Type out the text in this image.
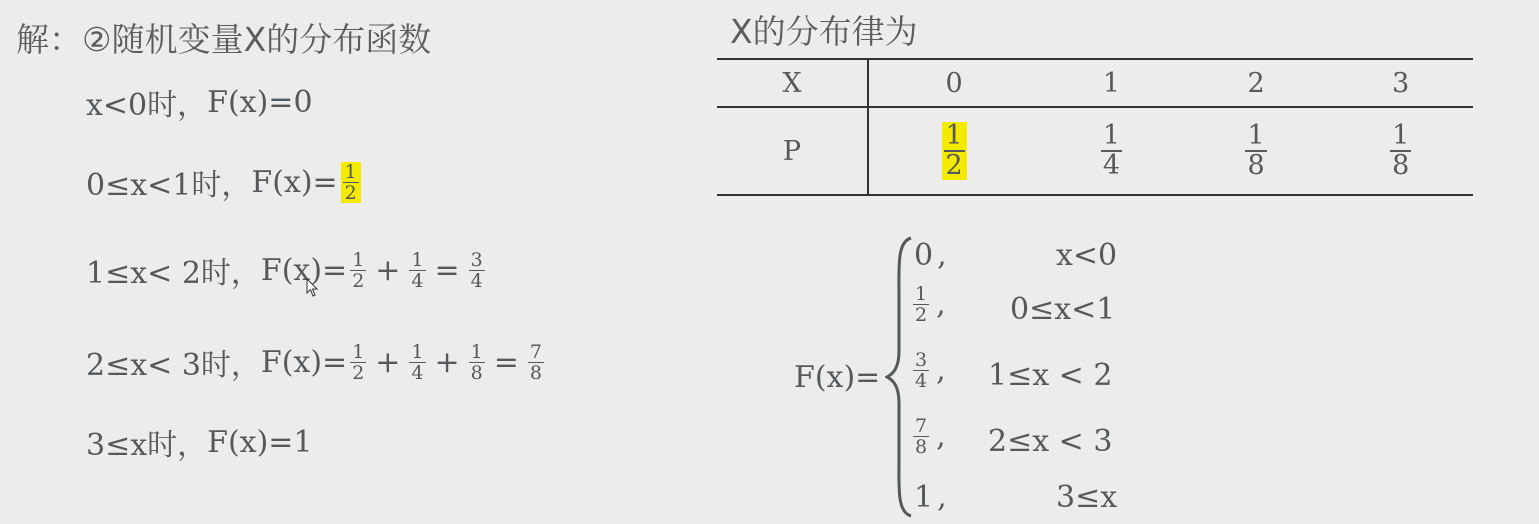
解：②随机变量X的分布函数
x<0时， F(x)= 0
0≤x<1时， $F(x)= \frac{1}{2}$
1≤x< 2时， $F(x)= \frac{1}{2} + \frac{1}{4} = \frac{3}{4}$
2≤x< 3时， $F(x)= \frac{1}{2} + \frac{1}{4} + \frac{1}{8} = \frac{7}{8}$
3≤x时， F(x)= 1
X的分布律为
X	0	1	2	3
P	$\frac{1}{2}$	$\frac{1}{4}$	$\frac{1}{8}$	$\frac{1}{8}$
F(x)=
0 ,	x<0
$\frac{1}{2}$ , 0≤x<1
$\frac{3}{4}$ , 1≤x < 2
$\frac{7}{8}$ , 2≤x < 3
1 ,	3≤x
